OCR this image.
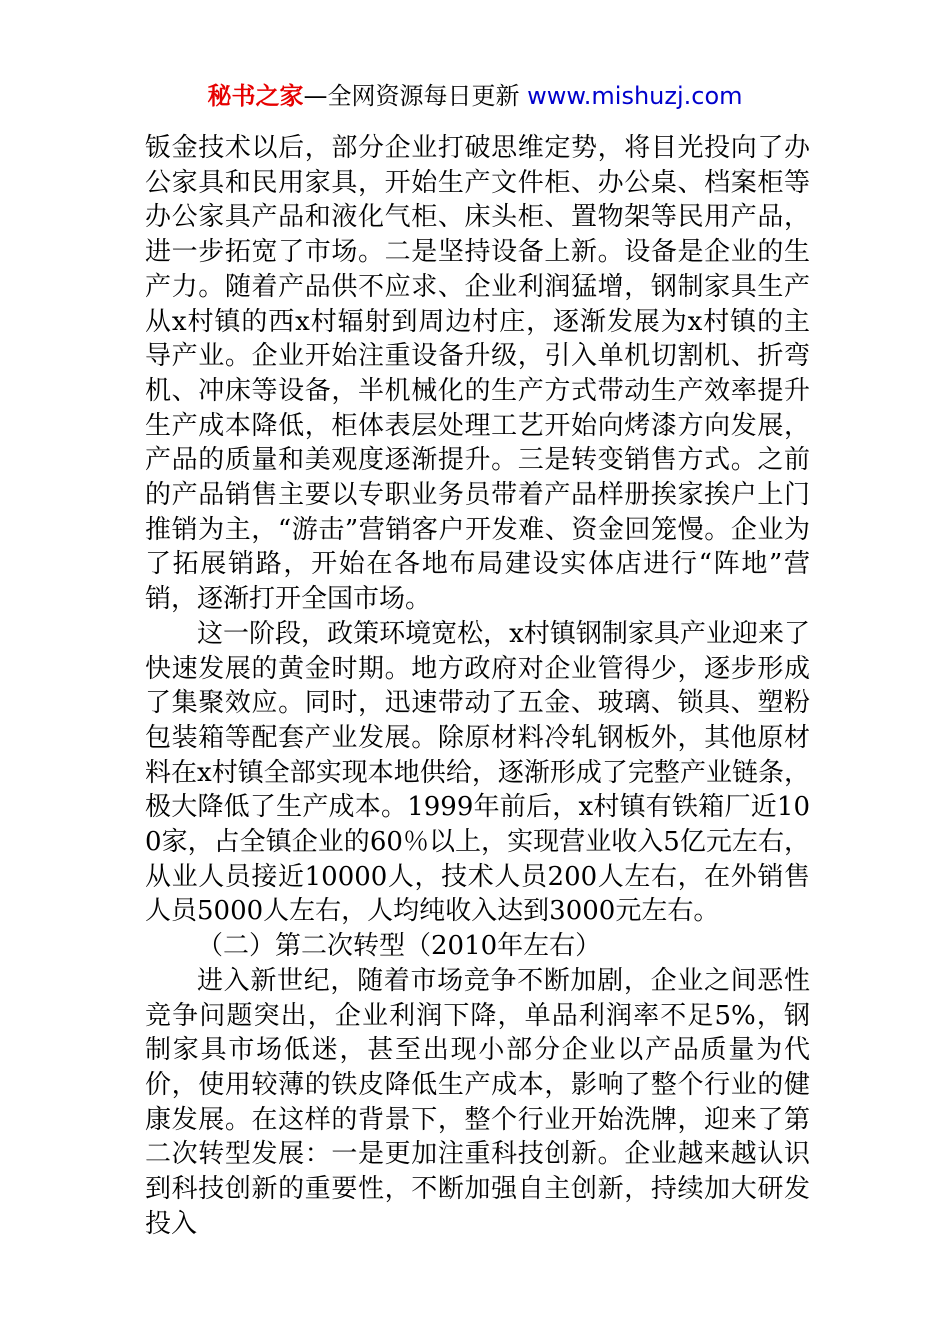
秘书之家—全网资源每日更新 www.mishuzj.com

钣金技术以后，部分企业打破思维定势，将目光投向了办公家具和民用家具，开始生产文件柜、办公桌、档案柜等办公家具产品和液化气柜、床头柜、置物架等民用产品，进一步拓宽了市场。二是坚持设备上新。设备是企业的生产力。随着产品供不应求、企业利润猛增，钢制家具生产从x村镇的西x村辐射到周边村庄，逐渐发展为x村镇的主导产业。企业开始注重设备升级，引入单机切割机、折弯机、冲床等设备，半机械化的生产方式带动生产效率提升生产成本降低，柜体表层处理工艺开始向烤漆方向发展，产品的质量和美观度逐渐提升。三是转变销售方式。之前的产品销售主要以专职业务员带着产品样册挨家挨户上门推销为主，“游击”营销客户开发难、资金回笼慢。企业为了拓展销路，开始在各地布局建设实体店进行“阵地”营销，逐渐打开全国市场。

这一阶段，政策环境宽松，x村镇钢制家具产业迎来了快速发展的黄金时期。地方政府对企业管得少，逐步形成了集聚效应。同时，迅速带动了五金、玻璃、锁具、塑粉包装箱等配套产业发展。除原材料冷轧钢板外，其他原材料在x村镇全部实现本地供给，逐渐形成了完整产业链条，极大降低了生产成本。1999年前后，x村镇有铁箱厂近100家，占全镇企业的60％以上，实现营业收入5亿元左右，从业人员接近10000人，技术人员200人左右，在外销售人员5000人左右，人均纯收入达到3000元左右。

（二）第二次转型（2010年左右）

进入新世纪，随着市场竞争不断加剧，企业之间恶性竞争问题突出，企业利润下降，单品利润率不足5%，钢制家具市场低迷，甚至出现小部分企业以产品质量为代价，使用较薄的铁皮降低生产成本，影响了整个行业的健康发展。在这样的背景下，整个行业开始洗牌，迎来了第二次转型发展：一是更加注重科技创新。企业越来越认识到科技创新的重要性，不断加强自主创新，持续加大研发投入
